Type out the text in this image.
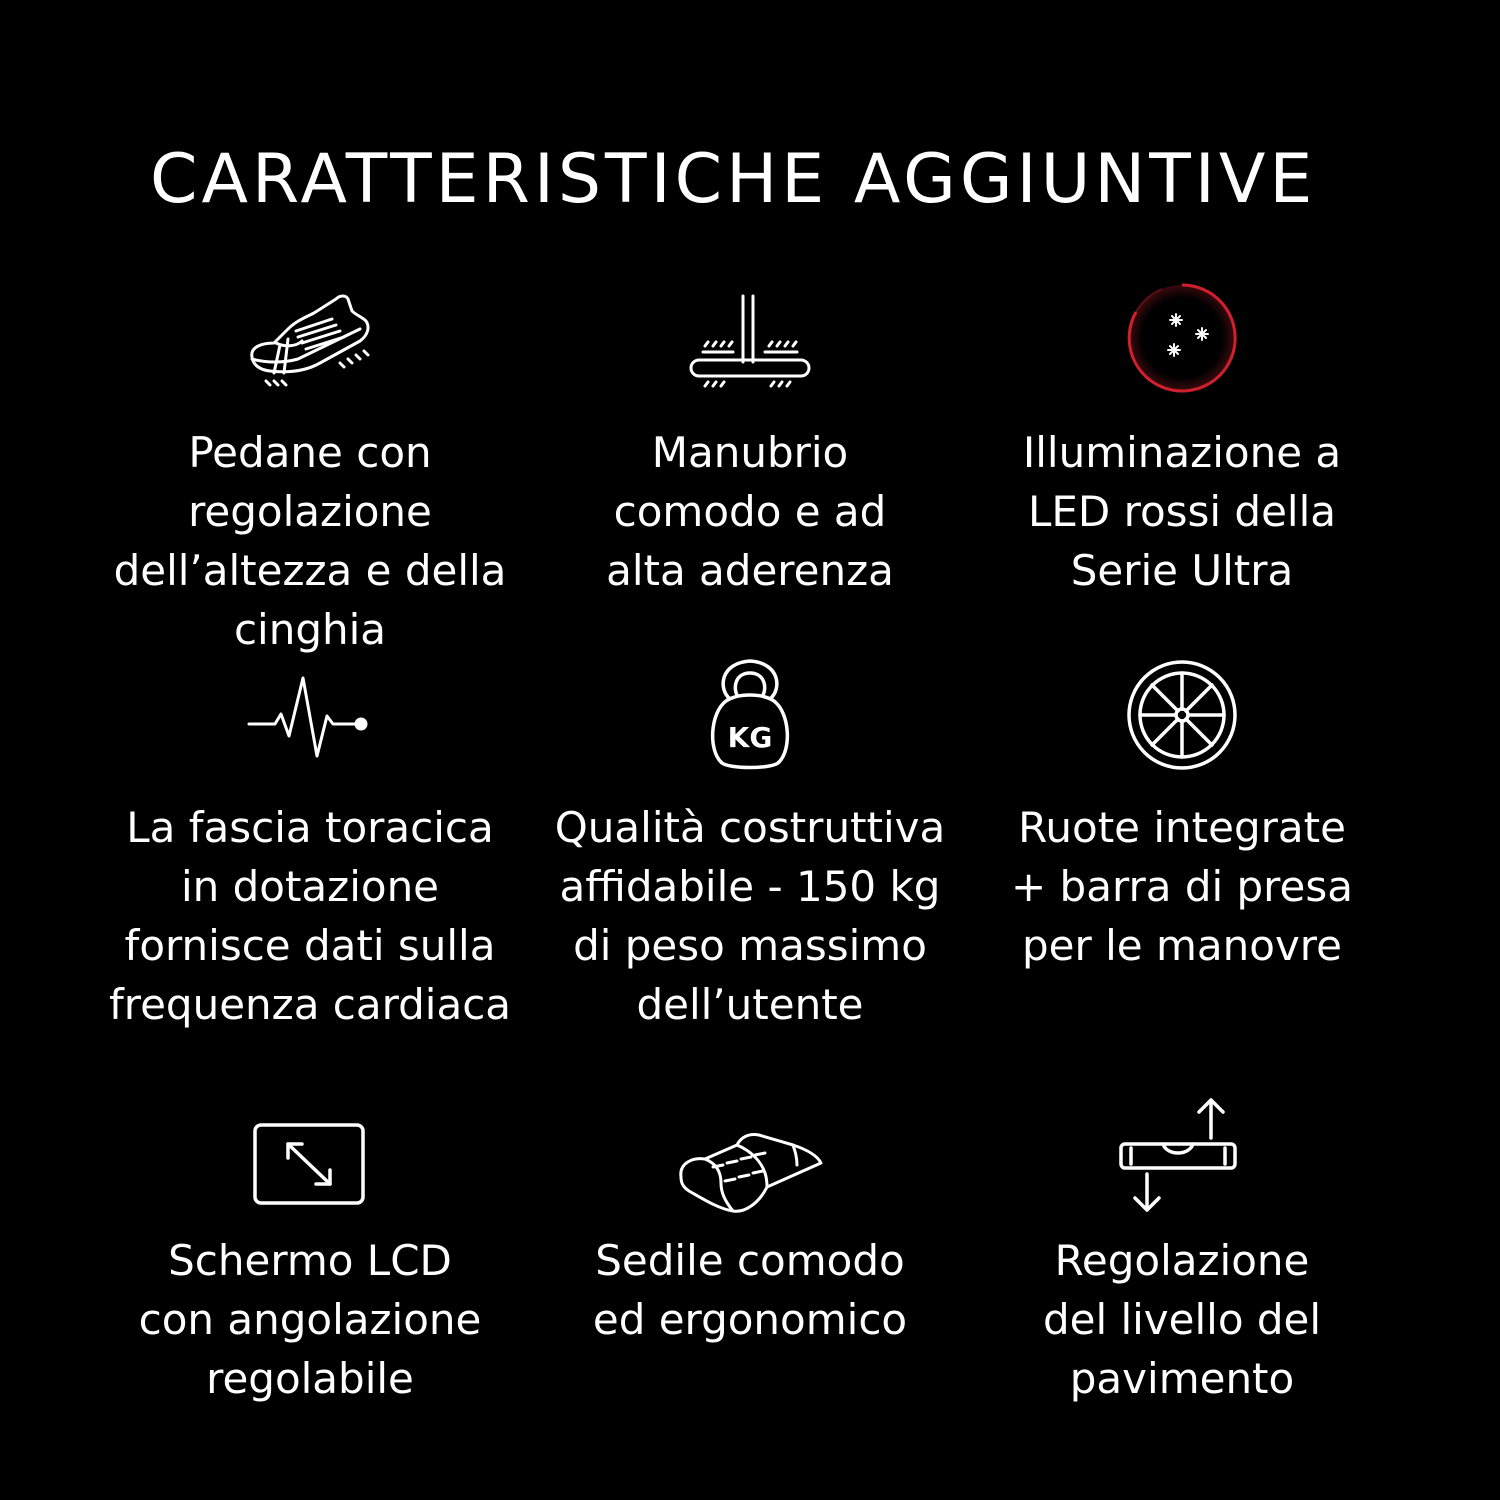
CARATTERISTICHE AGGIUNTIVE
Pedane con
regolazione
dell’altezza e della
cinghia
Manubrio
comodo e ad
alta aderenza
Illuminazione a
LED rossi della
Serie Ultra
La fascia toracica
in dotazione
fornisce dati sulla
frequenza cardiaca
KG
Qualità costruttiva
affidabile - 150 kg
di peso massimo
dell’utente
Ruote integrate
+ barra di presa
per le manovre
Schermo LCD
con angolazione
regolabile
Sedile comodo
ed ergonomico
Regolazione
del livello del
pavimento
